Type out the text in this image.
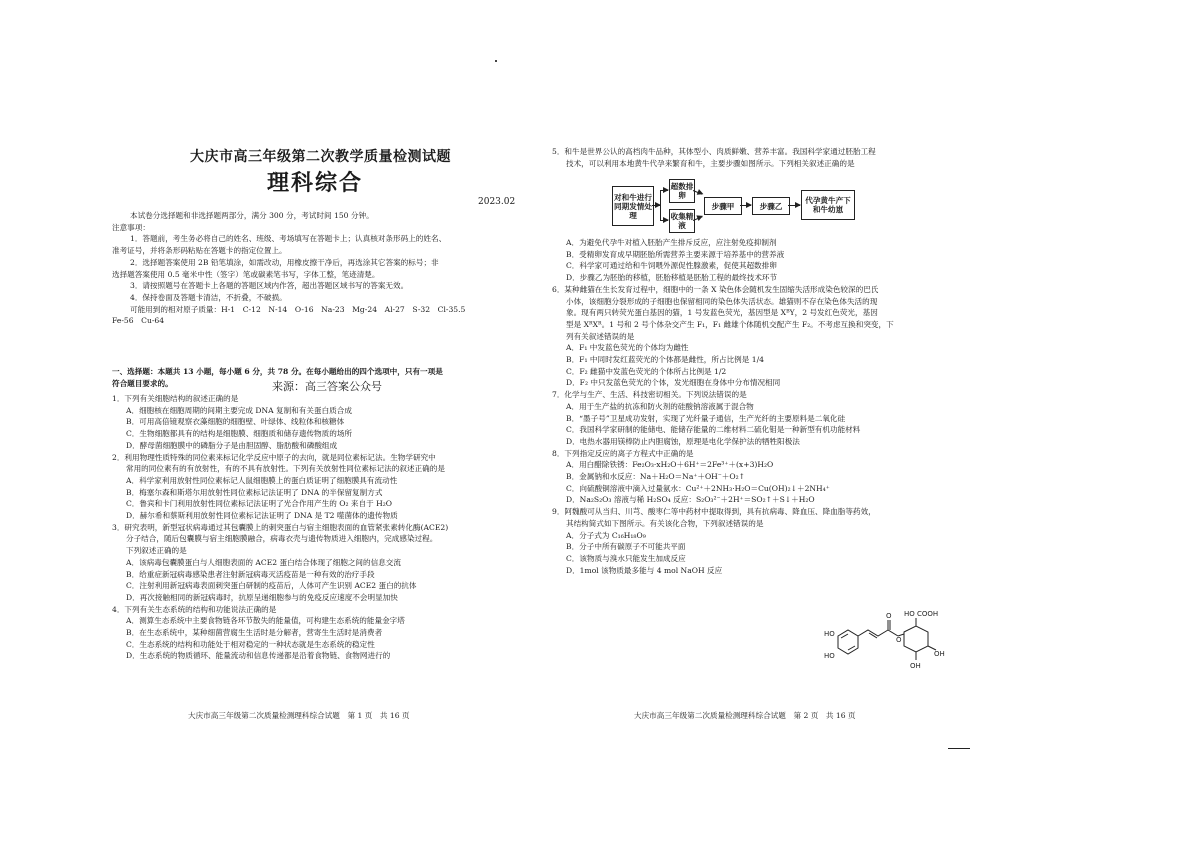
大庆市高三年级第二次教学质量检测试题
理科综合
2023.02

本试卷分选择题和非选择题两部分，满分 300 分，考试时间 150 分钟。

注意事项：

1．答题前，考生务必将自己的姓名、班级、考场填写在答题卡上；认真核对条形码上的姓名、

准考证号，并将条形码粘贴在答题卡的指定位置上。

2．选择题答案使用 2B 铅笔填涂，如需改动，用橡皮擦干净后，再选涂其它答案的标号；非

选择题答案使用 0.5 毫米中性（签字）笔或碳素笔书写，字体工整，笔迹清楚。

3．请按照题号在答题卡上各题的答题区域内作答，超出答题区域书写的答案无效。

4．保持卷面及答题卡清洁，不折叠，不破损。

可能用到的相对原子质量：H-1　C-12　N-14　O-16　Na-23　Mg-24　Al-27　S-32　Cl-35.5

Fe-56　Cu-64

一、选择题：本题共 13 小题，每小题 6 分，共 78 分。在每小题给出的四个选项中，只有一项是

符合题目要求的。	来源：高三答案公众号

1．下列有关细胞结构的叙述正确的是

A．细胞核在细胞周期的间期主要完成 DNA 复制和有关蛋白质合成

B．可用高倍镜观察衣藻细胞的细胞壁、叶绿体、线粒体和核糖体

C．生物细胞都具有的结构是细胞膜、细胞质和储存遗传物质的场所

D．酵母菌细胞膜中的磷脂分子是由胆固醇、脂肪酸和磷酸组成

2．利用物理性质特殊的同位素来标记化学反应中原子的去向，就是同位素标记法。生物学研究中

常用的同位素有的有放射性，有的不具有放射性。下列有关放射性同位素标记法的叙述正确的是

A．科学家利用放射性同位素标记人鼠细胞膜上的蛋白质证明了细胞膜具有流动性

B．梅塞尔森和斯塔尔用放射性同位素标记法证明了 DNA 的半保留复制方式

C．鲁宾和卡门利用放射性同位素标记法证明了光合作用产生的 O₂ 来自于 H₂O

D．赫尔希和蔡斯利用放射性同位素标记法证明了 DNA 是 T2 噬菌体的遗传物质

3．研究表明，新型冠状病毒通过其包囊膜上的刺突蛋白与宿主细胞表面的血管紧张素转化酶(ACE2)

分子结合，随后包囊膜与宿主细胞膜融合，病毒衣壳与遗传物质进入细胞内，完成感染过程。

下列叙述正确的是

A．该病毒包囊膜蛋白与人细胞表面的 ACE2 蛋白结合体现了细胞之间的信息交流

B．给重症新冠病毒感染患者注射新冠病毒灭活疫苗是一种有效的治疗手段

C．注射利用新冠病毒表面刺突蛋白研制的疫苗后，人体可产生识别 ACE2 蛋白的抗体

D．再次接触相同的新冠病毒时，抗原呈递细胞参与的免疫反应速度不会明显加快

4．下列有关生态系统的结构和功能说法正确的是

A．测算生态系统中主要食物链各环节散失的能量值，可构建生态系统的能量金字塔

B．在生态系统中，某种细菌营腐生生活时是分解者，营寄生生活时是消费者

C．生态系统的结构和功能处于相对稳定的一种状态就是生态系统的稳定性

D．生态系统的物质循环、能量流动和信息传递都是沿着食物链、食物网进行的

大庆市高三年级第二次质量检测理科综合试题　第 1 页　共 16 页

5．和牛是世界公认的高档肉牛品种，其体型小、肉质鲜嫩、营养丰富。我国科学家通过胚胎工程

技术，可以利用本地黄牛代孕来繁育和牛，主要步骤如图所示。下列相关叙述正确的是

对和牛进行同期发情处理
超数排卵
收集精液
步骤甲	步骤乙
代孕黄牛产下和牛幼崽

A．为避免代孕牛对植入胚胎产生排斥反应，应注射免疫抑制剂

B．受精卵发育成早期胚胎所需营养主要来源于培养基中的营养液

C．科学家可通过给和牛饲喂外源促性腺激素，促使其超数排卵

D．步骤乙为胚胎的移植，胚胎移植是胚胎工程的最终技术环节

6．某种雌猫在生长发育过程中，细胞中的一条 X 染色体会随机发生固缩失活形成染色较深的巴氏

小体，该细胞分裂形成的子细胞也保留相同的染色体失活状态。雄猫则不存在染色体失活的现

象。现有两只转荧光蛋白基因的猫，1 号发蓝色荧光，基因型是 XᴮY，2 号发红色荧光，基因

型是 XᴿXᴿ。1 号和 2 号个体杂交产生 F₁，F₁ 雌雄个体随机交配产生 F₂。不考虑互换和突变，下

列有关叙述错误的是

A．F₁ 中发蓝色荧光的个体均为雌性

B．F₁ 中同时发红蓝荧光的个体都是雌性，所占比例是 1/4

C．F₂ 雌猫中发蓝色荧光的个体所占比例是 1/2

D．F₂ 中只发蓝色荧光的个体，发光细胞在身体中分布情况相同

7．化学与生产、生活、科技密切相关。下列说法错误的是

A．用于生产盐的抗冻和防火剂的硅酸钠溶液属于混合物

B．“墨子号”卫星成功发射，实现了光纤量子通信，生产光纤的主要原料是二氧化硅

C．我国科学家研制的能储电、能储存能量的二维材料二硫化钼是一种新型有机功能材料

D．电热水器用镁棒防止内胆腐蚀，原理是电化学保护法的牺牲阳极法

8．下列指定反应的离子方程式中正确的是

A．用白醋除铁锈：Fe₂O₃·xH₂O＋6H⁺＝2Fe³⁺＋(x+3)H₂O

B．金属钠和水反应：Na＋H₂O＝Na⁺＋OH⁻＋O₂↑

C．向硫酸铜溶液中滴入过量氨水：Cu²⁺＋2NH₃·H₂O＝Cu(OH)₂↓＋2NH₄⁺

D．Na₂S₂O₃ 溶液与稀 H₂SO₄ 反应：S₂O₃²⁻＋2H⁺＝SO₂↑＋S↓＋H₂O

9．阿魏酸可从当归、川芎、酸枣仁等中药材中提取得到，具有抗病毒、降血压、降血脂等药效，

其结构简式如下图所示。有关该化合物，下列叙述错误的是

A．分子式为 C₁₆H₁₈O₉

B．分子中所有碳原子不可能共平面

C．该物质与溴水只能发生加成反应

D．1mol 该物质最多能与 4 mol NaOH 反应

HO COOH
HO
HO
O
O
OH
OH
大庆市高三年级第二次质量检测理科综合试题　第 2 页　共 16 页
